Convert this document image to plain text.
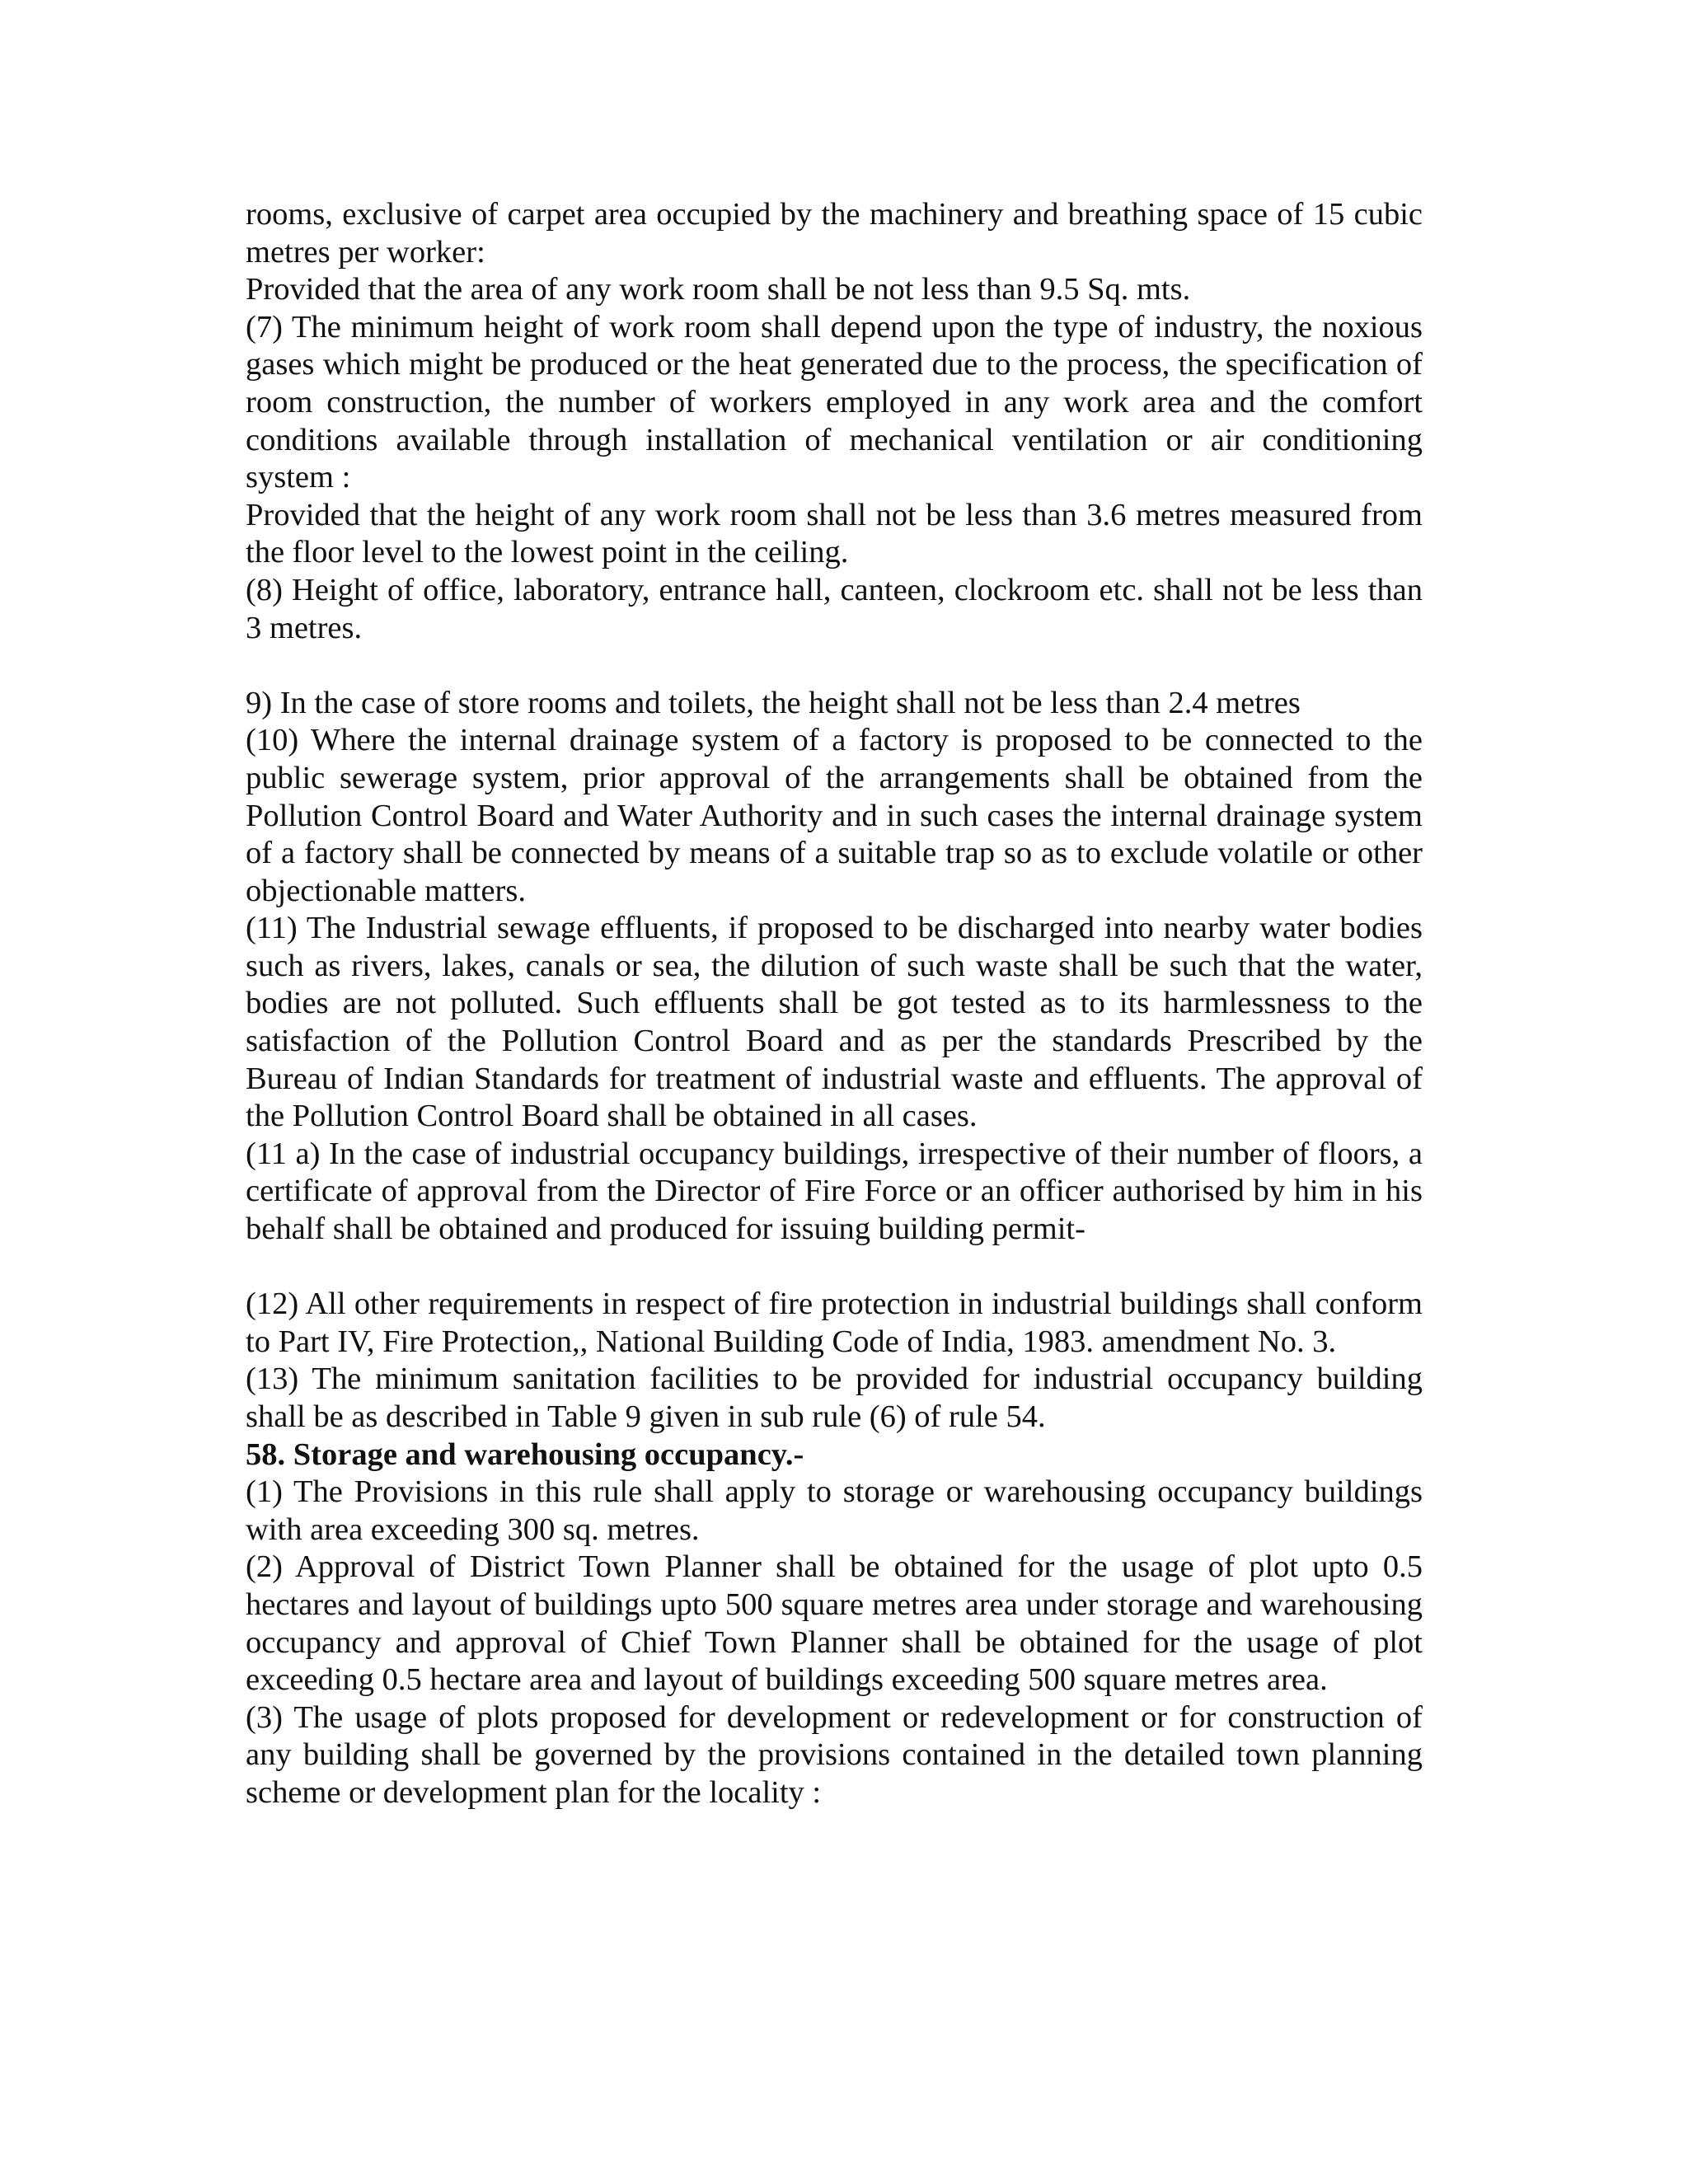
rooms, exclusive of carpet area occupied by the machinery and breathing space of 15 cubic metres per worker:

Provided that the area of any work room shall be not less than 9.5 Sq. mts.

(7) The minimum height of work room shall depend upon the type of industry, the noxious gases which might be produced or the heat generated due to the process, the specification of room construction, the number of workers employed in any work area and the comfort conditions available through installation of mechanical ventilation or air conditioning system :

Provided that the height of any work room shall not be less than 3.6 metres measured from the floor level to the lowest point in the ceiling.

(8) Height of office, laboratory, entrance hall, canteen, clockroom etc. shall not be less than 3 metres.

9) In the case of store rooms and toilets, the height shall not be less than 2.4 metres

(10) Where the internal drainage system of a factory is proposed to be connected to the public sewerage system, prior approval of the arrangements shall be obtained from the Pollution Control Board and Water Authority and in such cases the internal drainage system of a factory shall be connected by means of a suitable trap so as to exclude volatile or other objectionable matters.

(11) The Industrial sewage effluents, if proposed to be discharged into nearby water bodies such as rivers, lakes, canals or sea, the dilution of such waste shall be such that the water, bodies are not polluted. Such effluents shall be got tested as to its harmlessness to the satisfaction of the Pollution Control Board and as per the standards Prescribed by the Bureau of Indian Standards for treatment of industrial waste and effluents. The approval of the Pollution Control Board shall be obtained in all cases.

(11 a) In the case of industrial occupancy buildings, irrespective of their number of floors, a certificate of approval from the Director of Fire Force or an officer authorised by him in his behalf shall be obtained and produced for issuing building permit-

(12) All other requirements in respect of fire protection in industrial buildings shall conform to Part IV, Fire Protection,, National Building Code of India, 1983. amendment No. 3.

(13) The minimum sanitation facilities to be provided for industrial occupancy building shall be as described in Table 9 given in sub rule (6) of rule 54.

58. Storage and warehousing occupancy.-

(1) The Provisions in this rule shall apply to storage or warehousing occupancy buildings with area exceeding 300 sq. metres.

(2) Approval of District Town Planner shall be obtained for the usage of plot upto 0.5 hectares and layout of buildings upto 500 square metres area under storage and warehousing occupancy and approval of Chief Town Planner shall be obtained for the usage of plot exceeding 0.5 hectare area and layout of buildings exceeding 500 square metres area.

(3) The usage of plots proposed for development or redevelopment or for construction of any building shall be governed by the provisions contained in the detailed town planning scheme or development plan for the locality :
